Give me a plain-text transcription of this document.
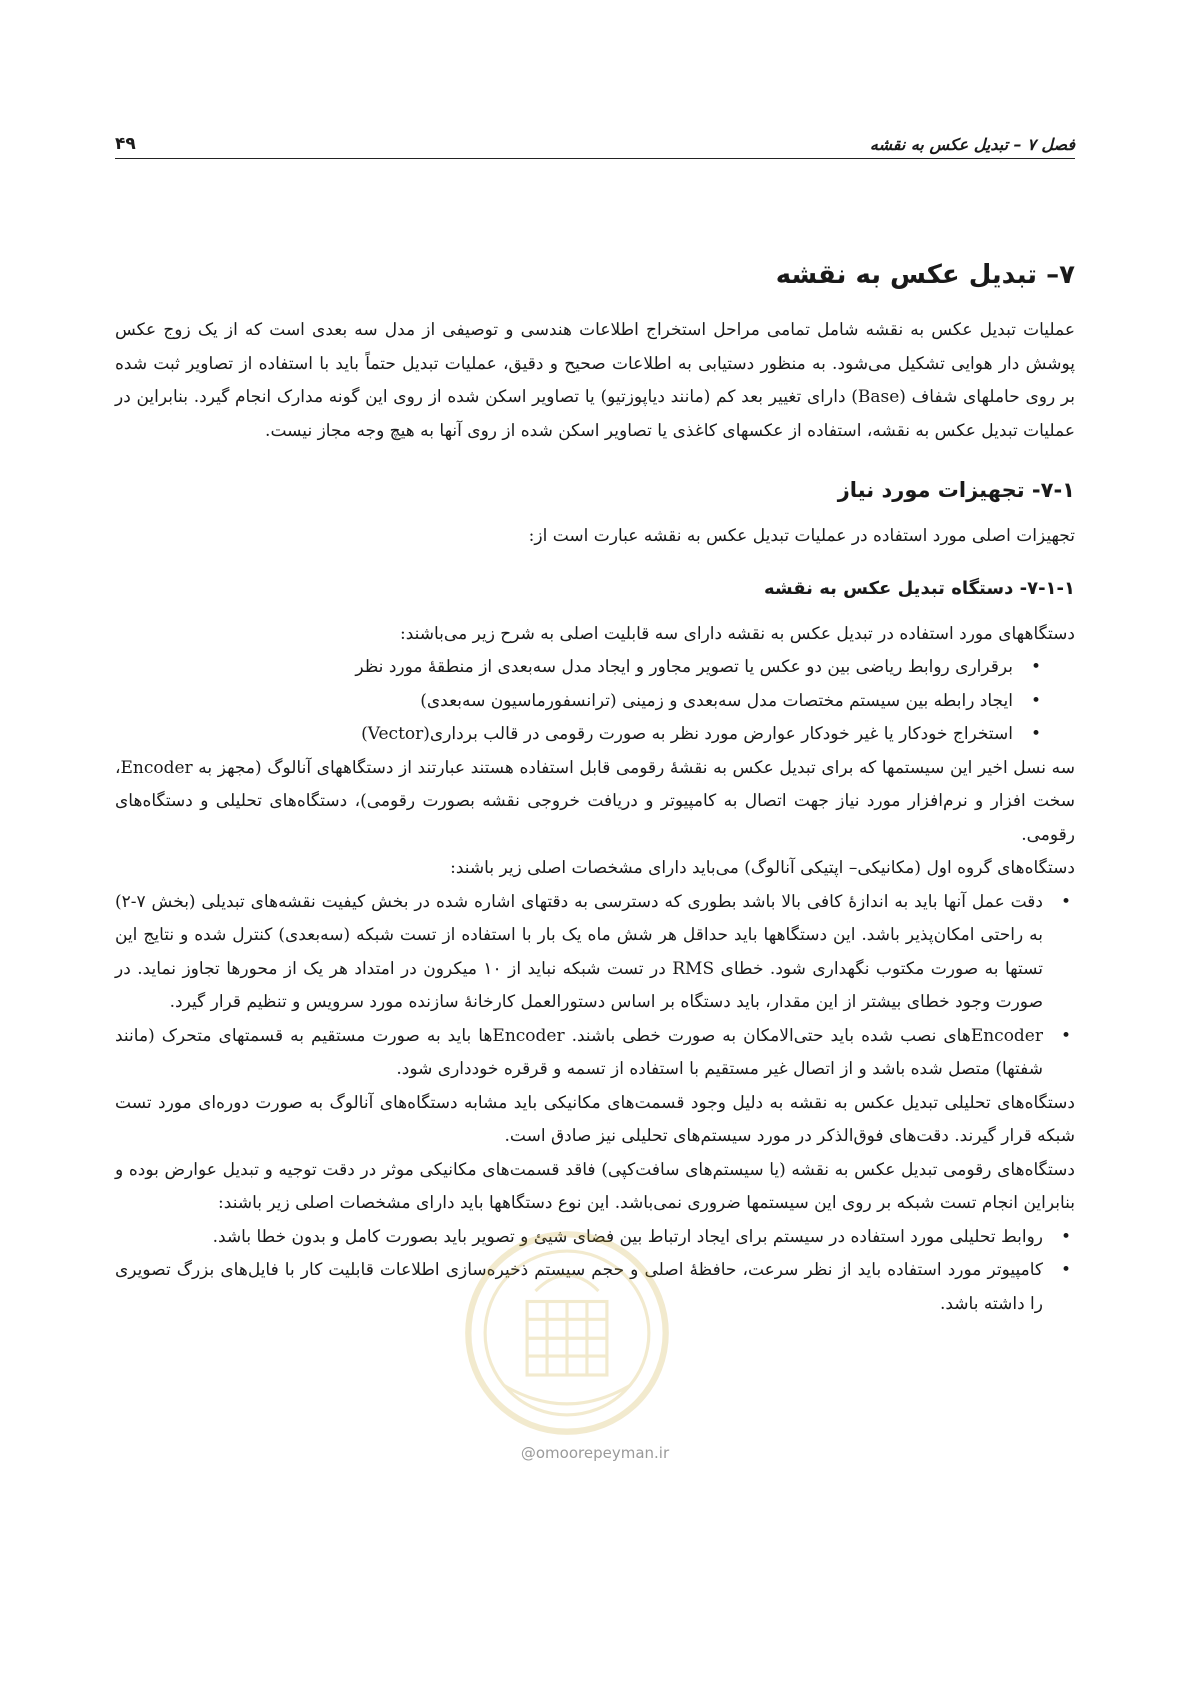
فصل ۷ – تبدیل عکس به نقشه
۴۹
۷– تبدیل عکس به نقشه

عملیات تبدیل عکس به نقشه شامل تمامی مراحل استخراج اطلاعات هندسی و توصیفی از مدل سه بعدی است که از یک زوج عکس پوشش دار هوایی تشکیل می‌شود. به منظور دستیابی به اطلاعات صحیح و دقیق، عملیات تبدیل حتماً باید با استفاده از تصاویر ثبت شده بر روی حاملهای شفاف (Base) دارای تغییر بعد کم (مانند دیاپوزتیو) یا تصاویر اسکن شده از روی این گونه مدارک انجام گیرد. بنابراین در عملیات تبدیل عکس به نقشه، استفاده از عکسهای کاغذی یا تصاویر اسکن شده از روی آنها به هیچ وجه مجاز نیست.

۷-۱- تجهیزات مورد نیاز

تجهیزات اصلی مورد استفاده در عملیات تبدیل عکس به نقشه عبارت است از:

۷-۱-۱- دستگاه تبدیل عکس به نقشه

دستگاههای مورد استفاده در تبدیل عکس به نقشه دارای سه قابلیت اصلی به شرح زیر می‌باشند:

• برقراری روابط ریاضی بین دو عکس یا تصویر مجاور و ایجاد مدل سه‌بعدی از منطقهٔ مورد نظر
• ایجاد رابطه بین سیستم مختصات مدل سه‌بعدی و زمینی (ترانسفورماسیون سه‌بعدی)
• استخراج خودکار یا غیر خودکار عوارض مورد نظر به صورت رقومی در قالب برداری(Vector)

سه نسل اخیر این سیستمها که برای تبدیل عکس به نقشهٔ رقومی قابل استفاده هستند عبارتند از دستگاههای آنالوگ (مجهز به Encoder، سخت افزار و نرم‌افزار مورد نیاز جهت اتصال به کامپیوتر و دریافت خروجی نقشه بصورت رقومی)، دستگاه‌های تحلیلی و دستگاه‌های رقومی.

دستگاه‌های گروه اول (مکانیکی– اپتیکی آنالوگ) می‌باید دارای مشخصات اصلی زیر باشند:

• دقت عمل آنها باید به اندازهٔ کافی بالا باشد بطوری که دسترسی به دقتهای اشاره شده در بخش کیفیت نقشه‌های تبدیلی (بخش ۷-۲) به راحتی امکان‌پذیر باشد. این دستگاهها باید حداقل هر شش ماه یک بار با استفاده از تست شبکه (سه‌بعدی) کنترل شده و نتایج این تستها به صورت مکتوب نگهداری شود. خطای RMS در تست شبکه نباید از ۱۰ میکرون در امتداد هر یک از محورها تجاوز نماید. در صورت وجود خطای بیشتر از این مقدار، باید دستگاه بر اساس دستورالعمل کارخانهٔ سازنده مورد سرویس و تنظیم قرار گیرد.
• Encoderهای نصب شده باید حتی‌الامکان به صورت خطی باشند. Encoderها باید به صورت مستقیم به قسمتهای متحرک (مانند شفتها) متصل شده باشد و از اتصال غیر مستقیم با استفاده از تسمه و قرقره خودداری شود.

دستگاه‌های تحلیلی تبدیل عکس به نقشه به دلیل وجود قسمت‌های مکانیکی باید مشابه دستگاه‌های آنالوگ به صورت دوره‌ای مورد تست شبکه قرار گیرند. دقت‌های فوق‌الذکر در مورد سیستم‌های تحلیلی نیز صادق است.

دستگاه‌های رقومی تبدیل عکس به نقشه (یا سیستم‌های سافت‌کپی) فاقد قسمت‌های مکانیکی موثر در دقت توجیه و تبدیل عوارض بوده و بنابراین انجام تست شبکه بر روی این سیستمها ضروری نمی‌باشد. این نوع دستگاهها باید دارای مشخصات اصلی زیر باشند:

• روابط تحلیلی مورد استفاده در سیستم برای ایجاد ارتباط بین فضای شیئ و تصویر باید بصورت کامل و بدون خطا باشد.
• کامپیوتر مورد استفاده باید از نظر سرعت، حافظهٔ اصلی و حجم سیستم ذخیره‌سازی اطلاعات قابلیت کار با فایل‌های بزرگ تصویری را داشته باشد.
@omoorepeyman.ir
